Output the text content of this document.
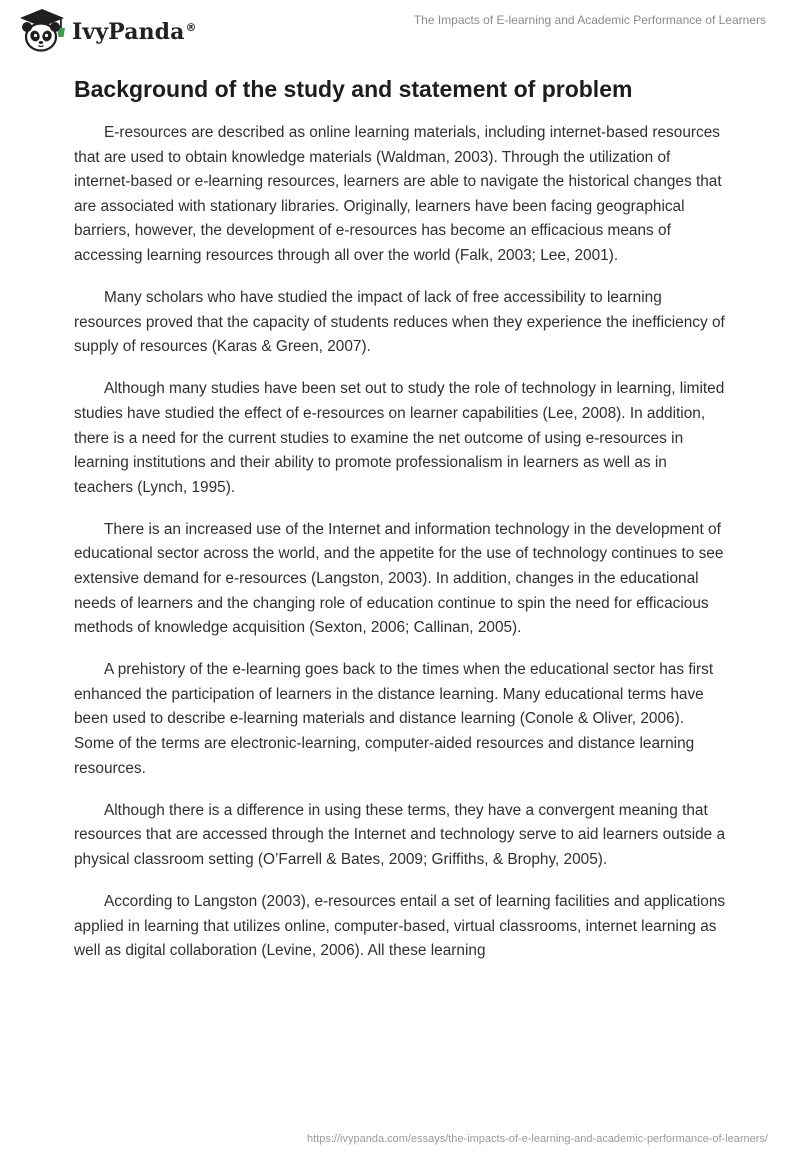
IvyPanda®
The Impacts of E-learning and Academic Performance of Learners
Background of the study and statement of problem

E-resources are described as online learning materials, including internet-based resources that are used to obtain knowledge materials (Waldman, 2003). Through the utilization of internet-based or e-learning resources, learners are able to navigate the historical changes that are associated with stationary libraries. Originally, learners have been facing geographical barriers, however, the development of e-resources has become an efficacious means of accessing learning resources through all over the world (Falk, 2003; Lee, 2001).

Many scholars who have studied the impact of lack of free accessibility to learning resources proved that the capacity of students reduces when they experience the inefficiency of supply of resources (Karas & Green, 2007).

Although many studies have been set out to study the role of technology in learning, limited studies have studied the effect of e-resources on learner capabilities (Lee, 2008). In addition, there is a need for the current studies to examine the net outcome of using e-resources in learning institutions and their ability to promote professionalism in learners as well as in teachers (Lynch, 1995).

There is an increased use of the Internet and information technology in the development of educational sector across the world, and the appetite for the use of technology continues to see extensive demand for e-resources (Langston, 2003). In addition, changes in the educational needs of learners and the changing role of education continue to spin the need for efficacious methods of knowledge acquisition (Sexton, 2006; Callinan, 2005).

A prehistory of the e-learning goes back to the times when the educational sector has first enhanced the participation of learners in the distance learning. Many educational terms have been used to describe e-learning materials and distance learning (Conole & Oliver, 2006). Some of the terms are electronic-learning, computer-aided resources and distance learning resources.

Although there is a difference in using these terms, they have a convergent meaning that resources that are accessed through the Internet and technology serve to aid learners outside a physical classroom setting (O’Farrell & Bates, 2009; Griffiths, & Brophy, 2005).

According to Langston (2003), e-resources entail a set of learning facilities and applications applied in learning that utilizes online, computer-based, virtual classrooms, internet learning as well as digital collaboration (Levine, 2006). All these learning

https://ivypanda.com/essays/the-impacts-of-e-learning-and-academic-performance-of-learners/
